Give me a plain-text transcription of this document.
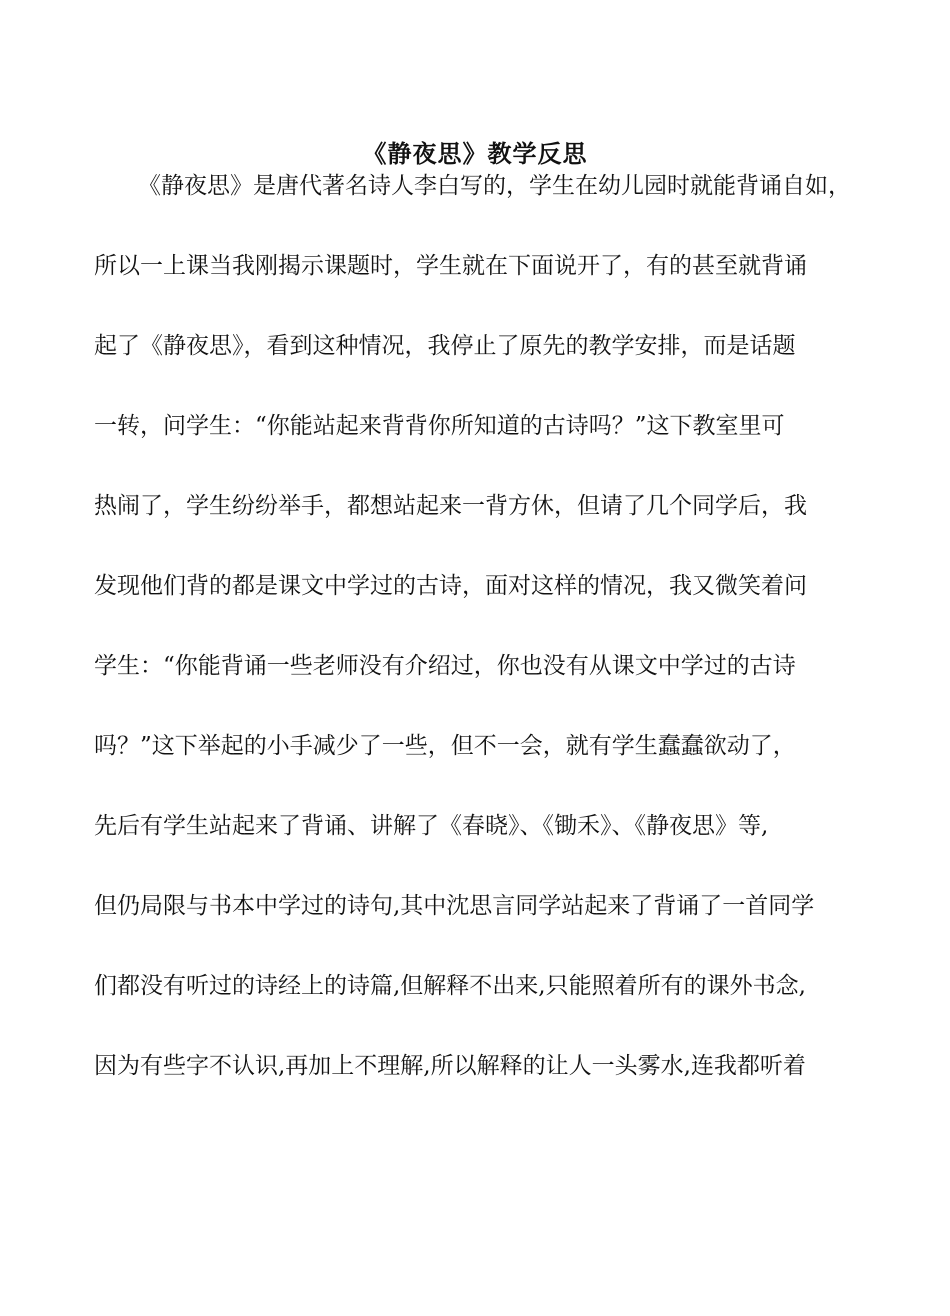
《静夜思》教学反思
《静夜思》是唐代著名诗人李白写的，学生在幼儿园时就能背诵自如，
所以一上课当我刚揭示课题时，学生就在下面说开了，有的甚至就背诵
起了《静夜思》，看到这种情况，我停止了原先的教学安排，而是话题
一转，问学生：“你能站起来背背你所知道的古诗吗？”这下教室里可
热闹了，学生纷纷举手，都想站起来一背方休，但请了几个同学后，我
发现他们背的都是课文中学过的古诗，面对这样的情况，我又微笑着问
学生：“你能背诵一些老师没有介绍过，你也没有从课文中学过的古诗
吗？”这下举起的小手减少了一些，但不一会，就有学生蠢蠢欲动了，
先后有学生站起来了背诵、讲解了《春晓》、《锄禾》、《静夜思》等,
但仍局限与书本中学过的诗句,其中沈思言同学站起来了背诵了一首同学
们都没有听过的诗经上的诗篇,但解释不出来,只能照着所有的课外书念,
因为有些字不认识,再加上不理解,所以解释的让人一头雾水,连我都听着
